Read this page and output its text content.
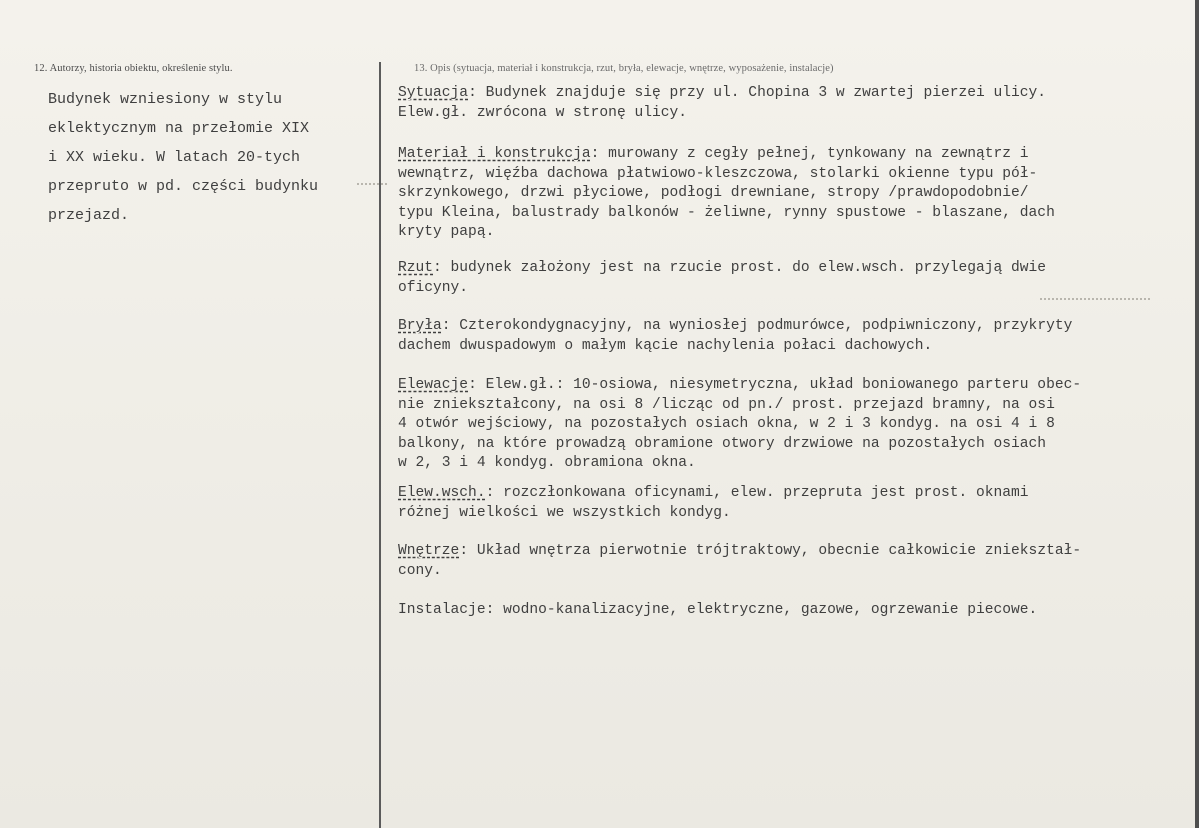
12. Autorzy, historia obiektu, określenie stylu.	13. Opis (sytuacja, materiał i konstrukcja, rzut, bryła, elewacje, wnętrze, wyposażenie, instalacje)
Budynek wzniesiony w stylu
eklektycznym na przełomie XIX
i XX wieku. W latach 20-tych
przepruto w pd. części budynku
przejazd.
Sytuacja: Budynek znajduje się przy ul. Chopina 3 w zwartej pierzei ulicy.
Elew.gł. zwrócona w stronę ulicy.
Materiał i konstrukcja: murowany z cegły pełnej, tynkowany na zewnątrz i
wewnątrz, więźba dachowa płatwiowo-kleszczowa, stolarki okienne typu pół-
skrzynkowego, drzwi płyciowe, podłogi drewniane, stropy /prawdopodobnie/
typu Kleina, balustrady balkonów - żeliwne, rynny spustowe - blaszane, dach
kryty papą.
Rzut: budynek założony jest na rzucie prost. do elew.wsch. przylegają dwie
oficyny.
Bryła: Czterokondygnacyjny, na wyniosłej podmurówce, podpiwniczony, przykryty
dachem dwuspadowym o małym kącie nachylenia połaci dachowych.
Elewacje: Elew.gł.: 10-osiowa, niesymetryczna, układ boniowanego parteru obec-
nie zniekształcony, na osi 8 /licząc od pn./ prost. przejazd bramny, na osi
4 otwór wejściowy, na pozostałych osiach okna, w 2 i 3 kondyg. na osi 4 i 8
balkony, na które prowadzą obramione otwory drzwiowe na pozostałych osiach
w 2, 3 i 4 kondyg. obramiona okna.
Elew.wsch.: rozczłonkowana oficynami, elew. przepruta jest prost. oknami
różnej wielkości we wszystkich kondyg.
Wnętrze: Układ wnętrza pierwotnie trójtraktowy, obecnie całkowicie zniekształ-
cony.
Instalacje: wodno-kanalizacyjne, elektryczne, gazowe, ogrzewanie piecowe.
